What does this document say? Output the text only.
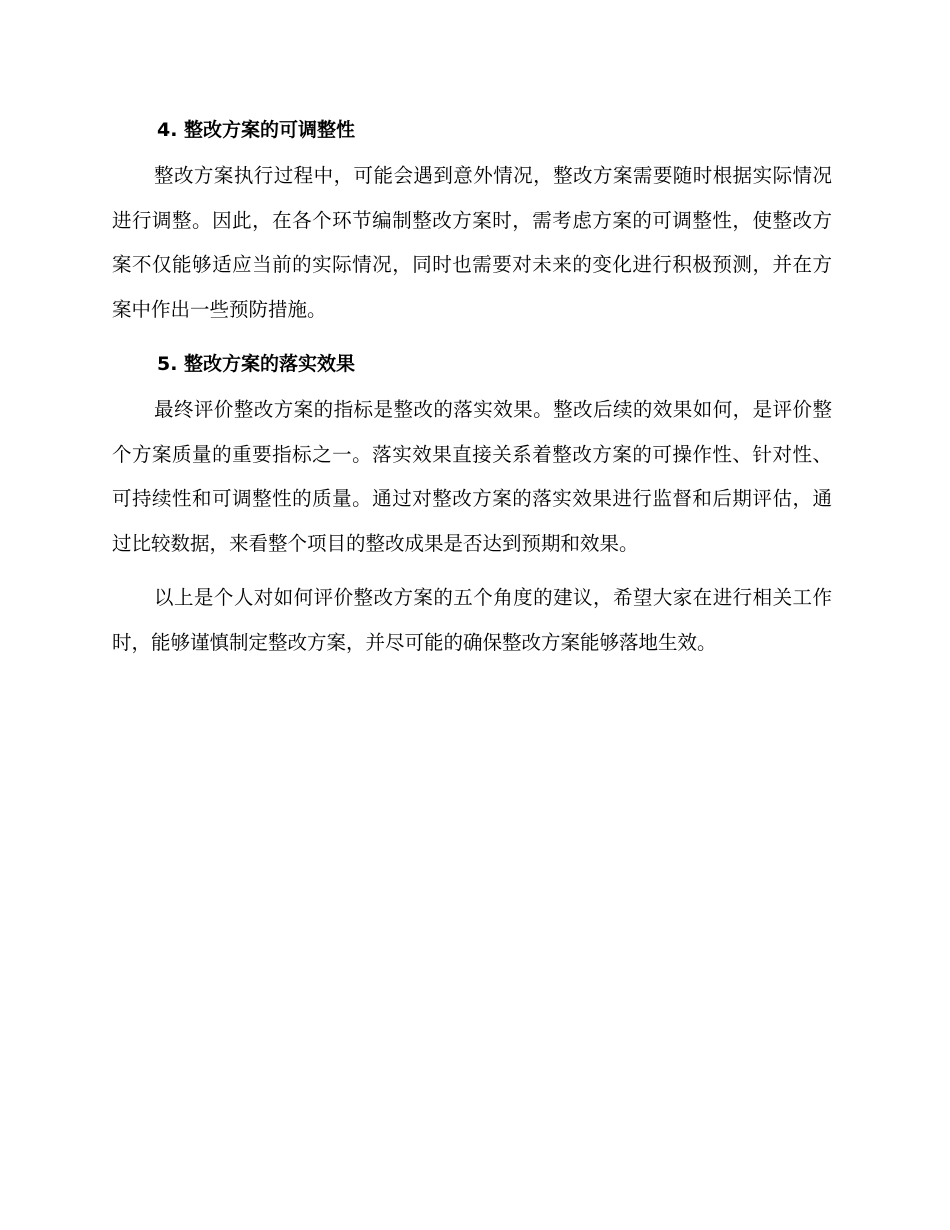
4. 整改方案的可调整性

整改方案执行过程中，可能会遇到意外情况，整改方案需要随时根据实际情况进行调整。因此，在各个环节编制整改方案时，需考虑方案的可调整性，使整改方案不仅能够适应当前的实际情况，同时也需要对未来的变化进行积极预测，并在方案中作出一些预防措施。

5. 整改方案的落实效果

最终评价整改方案的指标是整改的落实效果。整改后续的效果如何，是评价整个方案质量的重要指标之一。落实效果直接关系着整改方案的可操作性、针对性、可持续性和可调整性的质量。通过对整改方案的落实效果进行监督和后期评估，通过比较数据，来看整个项目的整改成果是否达到预期和效果。

以上是个人对如何评价整改方案的五个角度的建议，希望大家在进行相关工作时，能够谨慎制定整改方案，并尽可能的确保整改方案能够落地生效。
